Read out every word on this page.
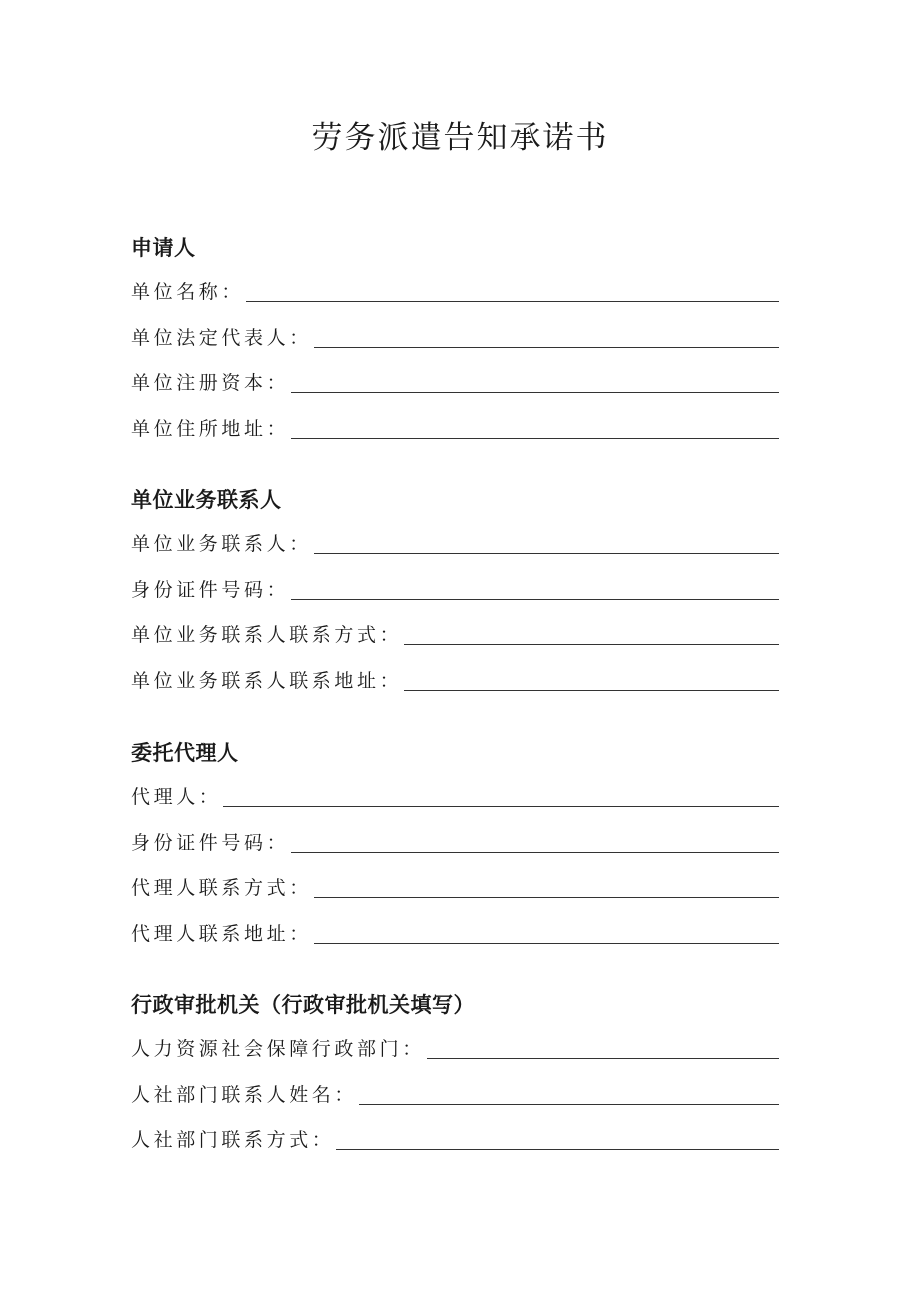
劳务派遣告知承诺书
申请人
单位名称：
单位法定代表人：
单位注册资本：
单位住所地址：
单位业务联系人
单位业务联系人：
身份证件号码：
单位业务联系人联系方式：
单位业务联系人联系地址：
委托代理人
代理人：
身份证件号码：
代理人联系方式：
代理人联系地址：
行政审批机关（行政审批机关填写）
人力资源社会保障行政部门：
人社部门联系人姓名：
人社部门联系方式：
